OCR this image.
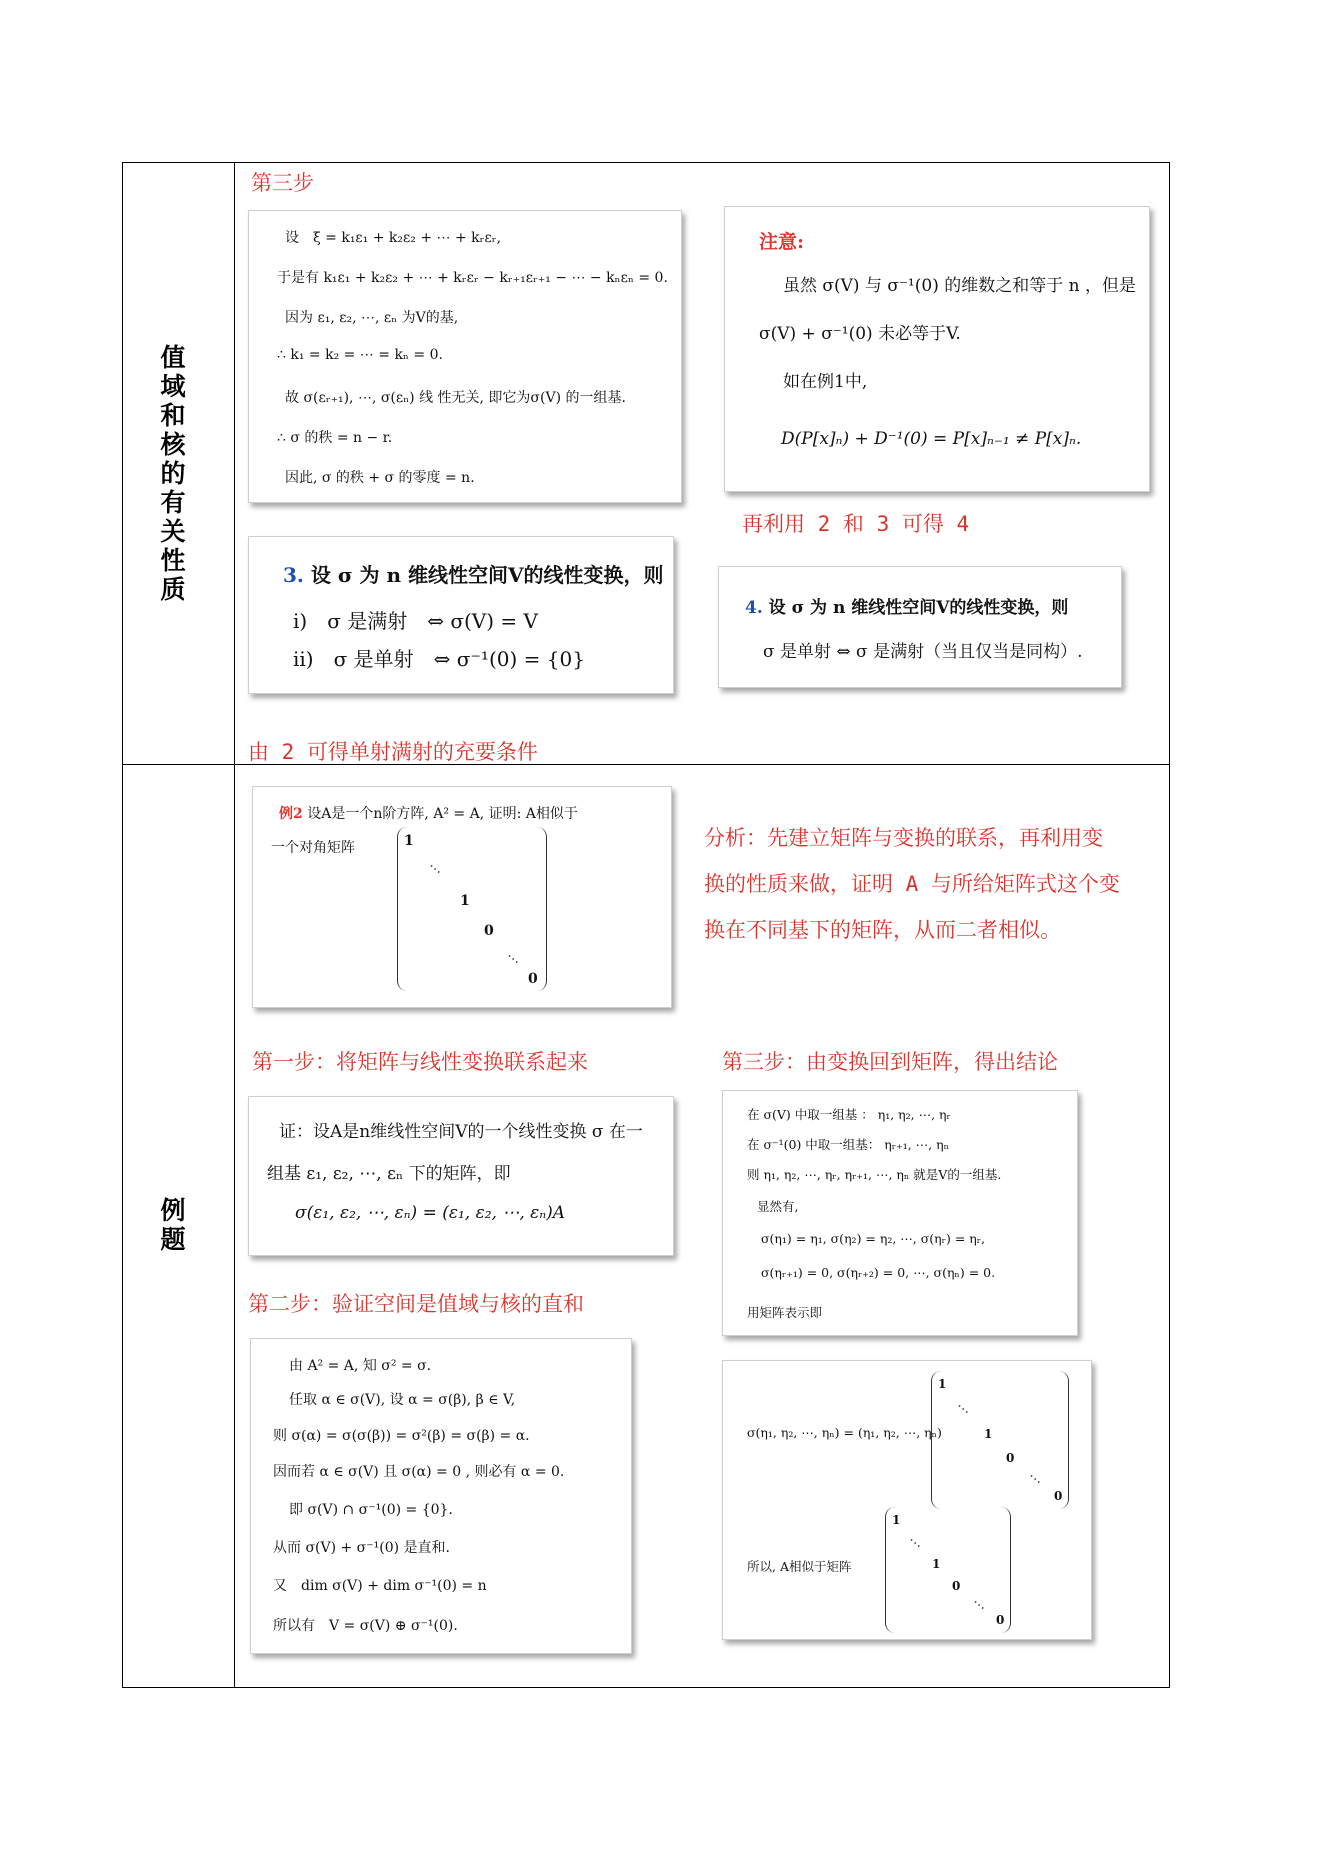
值域和核的有关性质
例题
第三步
设　ξ = k₁ε₁ + k₂ε₂ + ⋯ + kᵣεᵣ,
于是有 k₁ε₁ + k₂ε₂ + ⋯ + kᵣεᵣ − kᵣ₊₁εᵣ₊₁ − ⋯ − kₙεₙ = 0.
因为 ε₁, ε₂, ⋯, εₙ 为V的基,
∴ k₁ = k₂ = ⋯ = kₙ = 0.
故 σ(εᵣ₊₁), ⋯, σ(εₙ) 线 性无关, 即它为σ(V) 的一组基.
∴ σ 的秩 = n − r.
因此, σ 的秩 + σ 的零度 = n.
注意:
虽然 σ(V) 与 σ⁻¹(0) 的维数之和等于 n ，但是
σ(V) + σ⁻¹(0) 未必等于V.
如在例1中,
D(P[x]ₙ) + D⁻¹(0) = P[x]ₙ₋₁ ≠ P[x]ₙ.
再利用 2 和 3 可得 4
3. 设 σ 为 n 维线性空间V的线性变换，则
i)　σ 是满射　⇔ σ(V) = V
ii)　σ 是单射　⇔ σ⁻¹(0) = {0}
4. 设 σ 为 n 维线性空间V的线性变换，则
σ 是单射 ⇔ σ 是满射（当且仅当是同构）.
由 2 可得单射满射的充要条件
例2 设A是一个n阶方阵, A² = A, 证明: A相似于
一个对角矩阵	1
⋯
1
0
⋯
0
分析：先建立矩阵与变换的联系，再利用变
换的性质来做，证明 A 与所给矩阵式这个变
换在不同基下的矩阵，从而二者相似。
第一步：将矩阵与线性变换联系起来	第三步：由变换回到矩阵，得出结论
证：设A是n维线性空间V的一个线性变换 σ 在一
组基 ε₁, ε₂, ⋯, εₙ 下的矩阵，即
σ(ε₁, ε₂, ⋯, εₙ) = (ε₁, ε₂, ⋯, εₙ)A
第二步：验证空间是值域与核的直和
由 A² = A, 知 σ² = σ.
任取 α ∈ σ(V), 设 α = σ(β), β ∈ V,
则 σ(α) = σ(σ(β)) = σ²(β) = σ(β) = α.
因而若 α ∈ σ(V) 且 σ(α) = 0 , 则必有 α = 0.
即 σ(V) ∩ σ⁻¹(0) = {0}.
从而 σ(V) + σ⁻¹(0) 是直和.
又　dim σ(V) + dim σ⁻¹(0) = n
所以有　V = σ(V) ⊕ σ⁻¹(0).
在 σ(V) 中取一组基 ： η₁, η₂, ⋯, ηᵣ
在 σ⁻¹(0) 中取一组基： ηᵣ₊₁, ⋯, ηₙ
则 η₁, η₂, ⋯, ηᵣ, ηᵣ₊₁, ⋯, ηₙ 就是V的一组基.
显然有,
σ(η₁) = η₁, σ(η₂) = η₂, ⋯, σ(ηᵣ) = ηᵣ,
σ(ηᵣ₊₁) = 0, σ(ηᵣ₊₂) = 0, ⋯, σ(ηₙ) = 0.
用矩阵表示即
σ(η₁, η₂, ⋯, ηₙ) = (η₁, η₂, ⋯, ηₙ)
1
⋯
1
0
⋯
0
所以, A相似于矩阵
1
⋯
1
0
⋯
0
